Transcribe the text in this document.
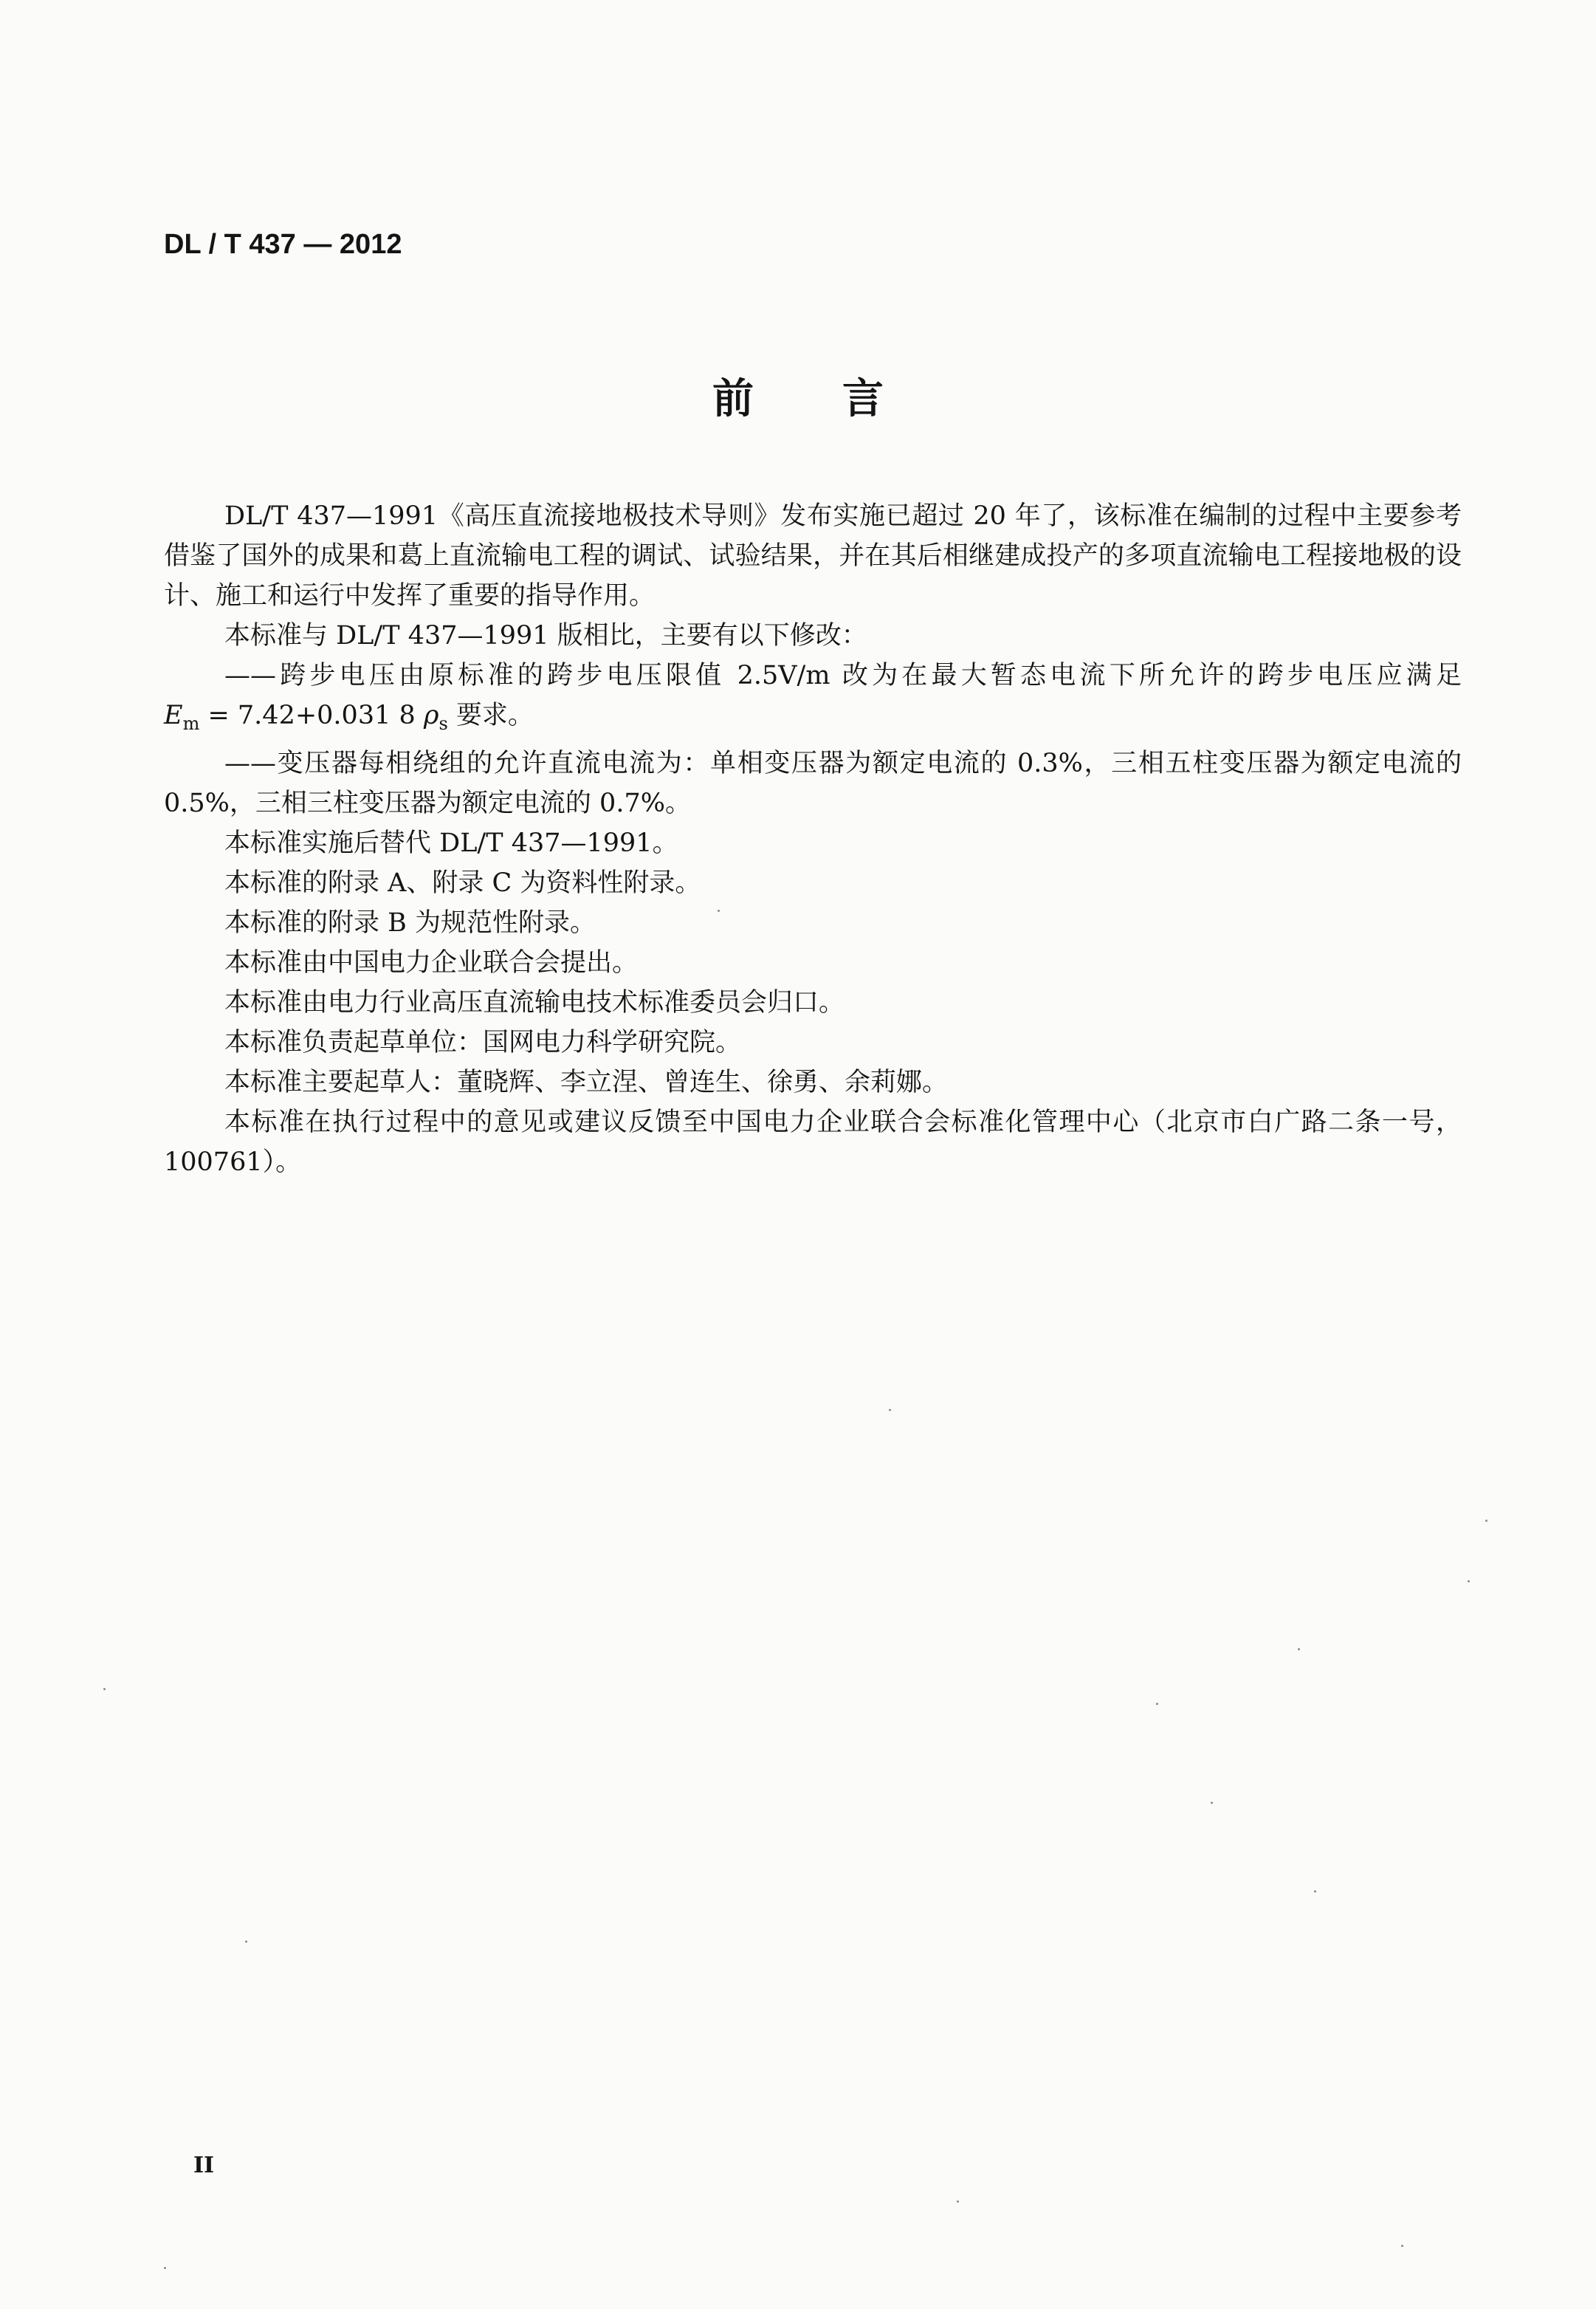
DL / T 437 — 2012
前言

DL/T 437—1991《高压直流接地极技术导则》发布实施已超过 20 年了，该标准在编制的过程中主要参考借鉴了国外的成果和葛上直流输电工程的调试、试验结果，并在其后相继建成投产的多项直流输电工程接地极的设计、施工和运行中发挥了重要的指导作用。

本标准与 DL/T 437—1991 版相比，主要有以下修改：

——跨步电压由原标准的跨步电压限值 2.5V/m 改为在最大暂态电流下所允许的跨步电压应满足

$E_m = 7.42+0.031$ 8 $\rho_s$ 要求。

——变压器每相绕组的允许直流电流为：单相变压器为额定电流的 0.3%，三相五柱变压器为额定电流的 0.5%，三相三柱变压器为额定电流的 0.7%。

本标准实施后替代 DL/T 437—1991。

本标准的附录 A、附录 C 为资料性附录。

本标准的附录 B 为规范性附录。

本标准由中国电力企业联合会提出。

本标准由电力行业高压直流输电技术标准委员会归口。

本标准负责起草单位：国网电力科学研究院。

本标准主要起草人：董晓辉、李立涅、曾连生、徐勇、余莉娜。

本标准在执行过程中的意见或建议反馈至中国电力企业联合会标准化管理中心（北京市白广路二条一号，100761）。

II
